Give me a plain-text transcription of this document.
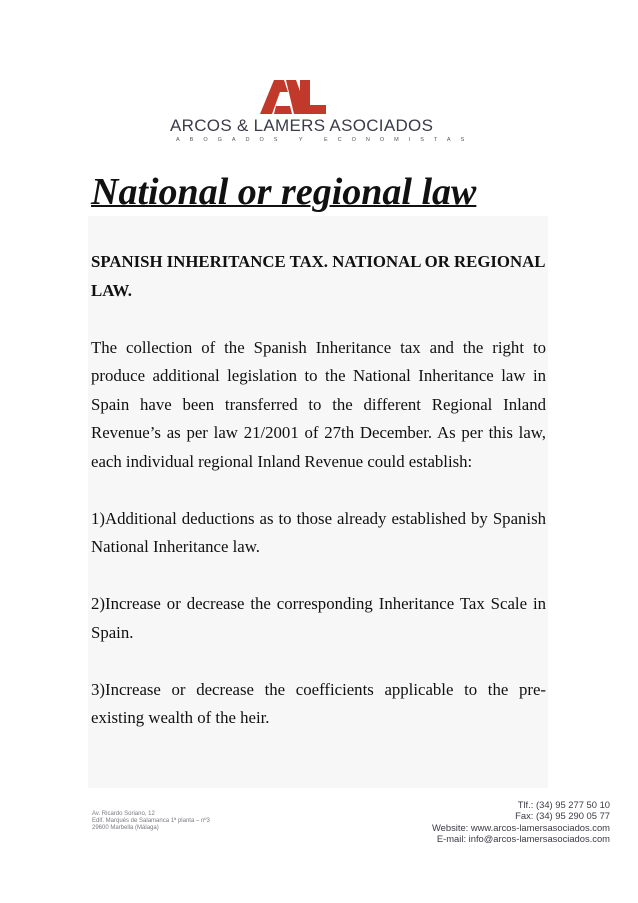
ARCOS & LAMERS ASOCIADOS
ABOGADOS Y ECONOMISTAS
National or regional law

SPANISH INHERITANCE TAX. NATIONAL OR REGIONAL LAW.

The collection of the Spanish Inheritance tax and the right to produce additional legislation to the National Inheritance law in Spain have been transferred to the different Regional Inland Revenue’s as per law 21/2001 of 27th December. As per this law, each individual regional Inland Revenue could establish:

1)Additional deductions as to those already established by Spanish National Inheritance law.

2)Increase or decrease the corresponding Inheritance Tax Scale in Spain.

3)Increase or decrease the coefficients applicable to the pre-existing wealth of the heir.

Av. Ricardo Soriano, 12
Edif. Marqués de Salamanca 1ª planta – nº3
29600 Marbella (Málaga)
Tlf.: (34) 95 277 50 10
Fax: (34) 95 290 05 77
Website: www.arcos-lamersasociados.com
E-mail: info@arcos-lamersasociados.com
